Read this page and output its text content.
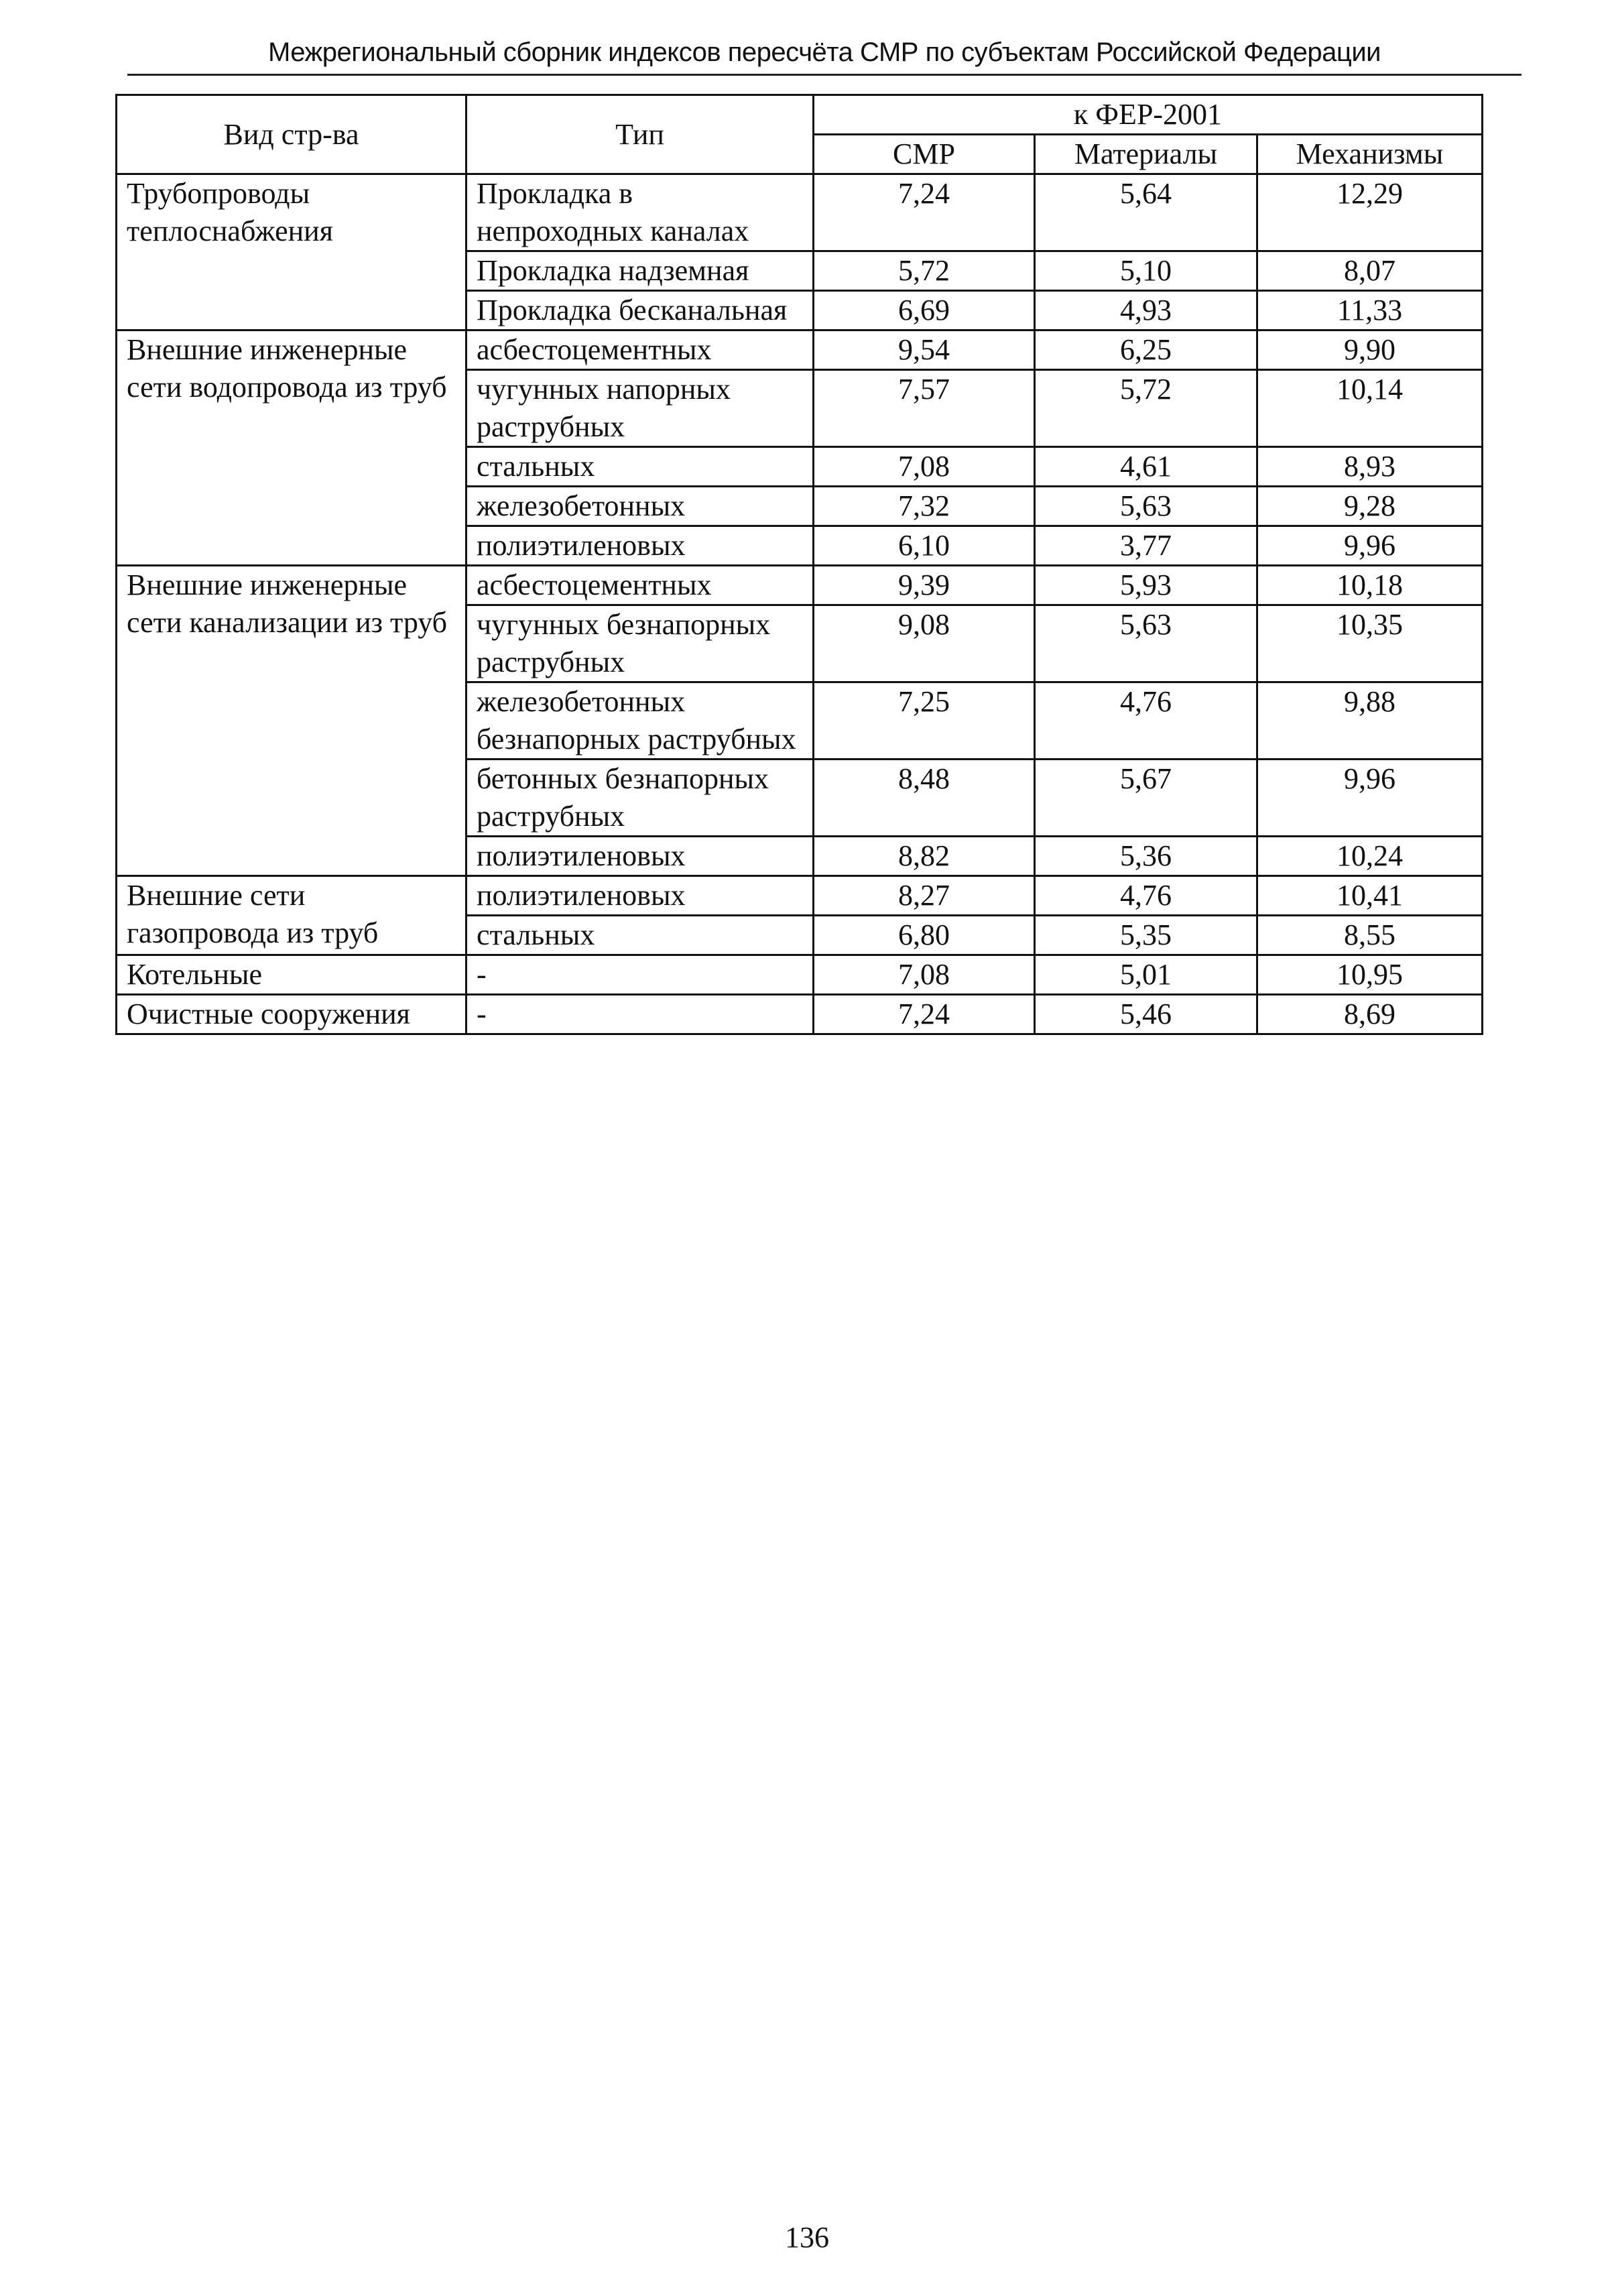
Межрегиональный сборник индексов пересчёта СМР по субъектам Российской Федерации
Вид стр-ва	Тип	к ФЕР-2001		
		СМР	Материалы	Механизмы
Трубопроводы теплоснабжения	Прокладка в непроходных каналах	7,24	5,64	12,29
	Прокладка надземная	5,72	5,10	8,07
	Прокладка бесканальная	6,69	4,93	11,33
Внешние инженерные сети водопровода из труб	асбестоцементных	9,54	6,25	9,90
	чугунных напорных раструбных	7,57	5,72	10,14
	стальных	7,08	4,61	8,93
	железобетонных	7,32	5,63	9,28
	полиэтиленовых	6,10	3,77	9,96
Внешние инженерные сети канализации из труб	асбестоцементных	9,39	5,93	10,18
	чугунных безнапорных раструбных	9,08	5,63	10,35
	железобетонных безнапорных раструбных	7,25	4,76	9,88
	бетонных безнапорных раструбных	8,48	5,67	9,96
	полиэтиленовых	8,82	5,36	10,24
Внешние сети газопровода из труб	полиэтиленовых	8,27	4,76	10,41
	стальных	6,80	5,35	8,55
Котельные	-	7,08	5,01	10,95
Очистные сооружения	-	7,24	5,46	8,69
136
